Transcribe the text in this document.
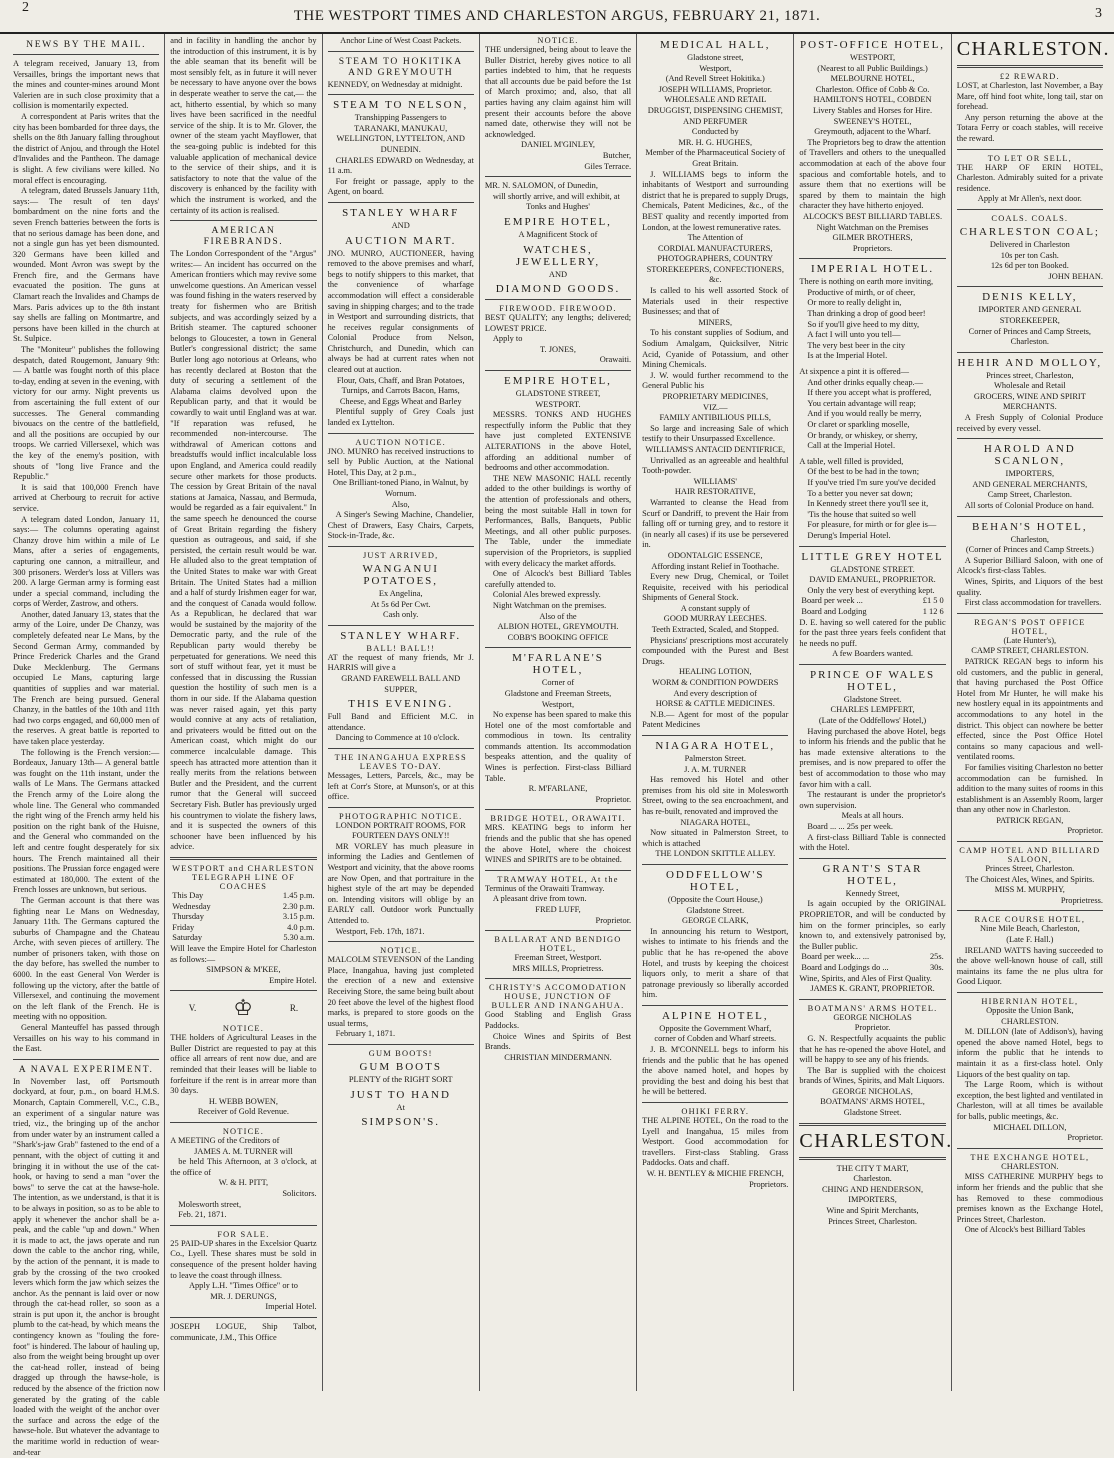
2
THE WESTPORT TIMES AND CHARLESTON ARGUS, FEBRUARY 21, 1871.	3
NEWS BY THE MAIL.

A telegram received, January 13, from Versailles, brings the important news that the mines and counter-mines around Mont Valerien are in such close proximity that a collision is momentarily expected.

A correspondent at Paris writes that the city has been bombarded for three days, the shells on the 8th January falling throughout the district of Anjou, and through the Hotel d'Invalides and the Pantheon. The damage is slight. A few civilians were killed. No moral effect is encouraging.

A telegram, dated Brussels January 11th, says:— The result of ten days' bombardment on the nine forts and the seven French batteries between the forts is that no serious damage has been done, and not a single gun has yet been dismounted. 320 Germans have been killed and wounded. Mont Avron was swept by the French fire, and the Germans have evacuated the position. The guns at Clamart reach the Invalides and Champs de Mars. Paris advices up to the 8th instant say shells are falling on Montmartre, and persons have been killed in the church at St. Sulpice.

The "Moniteur" publishes the following despatch, dated Rougemont, January 9th:— A battle was fought north of this place to-day, ending at seven in the evening, with victory for our army. Night prevents us from ascertaining the full extent of our successes. The General commanding bivouacs on the centre of the battlefield, and all the positions are occupied by our troops. We carried Villersexel, which was the key of the enemy's position, with shouts of "long live France and the Republic."

It is said that 100,000 French have arrived at Cherbourg to recruit for active service.

A telegram dated London, January 11, says:— The columns operating against Chanzy drove him within a mile of Le Mans, after a series of engagements, capturing one cannon, a mitrailleur, and 300 prisoners. Werder's loss at Villers was 200. A large German army is forming east under a special command, including the corps of Werder, Zastrow, and others.

Another, dated January 13, states that the army of the Loire, under De Chanzy, was completely defeated near Le Mans, by the Second German Army, commanded by Prince Frederick Charles and the Grand Duke Mecklenburg. The Germans occupied Le Mans, capturing large quantities of supplies and war material. The French are being pursued. General Chanzy, in the battles of the 10th and 11th had two corps engaged, and 60,000 men of the reserves. A great battle is reported to have taken place yesterday.

The following is the French version:— Bordeaux, January 13th— A general battle was fought on the 11th instant, under the walls of Le Mans. The Germans attacked the French army of the Loire along the whole line. The General who commanded the right wing of the French army held his position on the right bank of the Huisne, and the General who commanded on the left and centre fought desperately for six hours. The French maintained all their positions. The Prussian force engaged were estimated at 180,000. The extent of the French losses are unknown, but serious.

The German account is that there was fighting near Le Mans on Wednesday, January 11th. The Germans captured the suburbs of Champagne and the Chateau Arche, with seven pieces of artillery. The number of prisoners taken, with those on the day before, has swelled the number to 6000. In the east General Von Werder is following up the victory, after the battle of Villersexel, and continuing the movement on the left flank of the French. He is meeting with no opposition.

General Manteuffel has passed through Versailles on his way to his command in the East.

A NAVAL EXPERIMENT.

In November last, off Portsmouth dockyard, at four, p.m., on board H.M.S. Monarch, Captain Commerell, V.C., C.B., an experiment of a singular nature was tried, viz., the bringing up of the anchor from under water by an instrument called a "Shark's-jaw Grab" fastened to the end of a pennant, with the object of cutting it and bringing it in without the use of the cat-hook, or having to send a man "over the bows" to serve the cat at the hawse-hole. The intention, as we understand, is that it is to be always in position, so as to be able to apply it whenever the anchor shall be a-peak, and the cable "up and down." When it is made to act, the jaws operate and run down the cable to the anchor ring, while, by the action of the pennant, it is made to grab by the crossing of the two crooked levers which form the jaw which seizes the anchor. As the pennant is laid over or now through the cat-head roller, so soon as a strain is put upon it, the anchor is brought plumb to the cat-head, by which means the contingency known as "fouling the fore-foot" is hindered. The labour of hauling up, also from the weight being brought up over the cat-head roller, instead of being dragged up through the hawse-hole, is reduced by the absence of the friction now generated by the grating of the cable loaded with the weight of the anchor over the surface and across the edge of the hawse-hole. But whatever the advantage to the maritime world in reduction of wear-and-tear

and in facility in handling the anchor by the introduction of this instrument, it is by the able seaman that its benefit will be most sensibly felt, as in future it will never be necessary to have anyone over the bows in desperate weather to serve the cat,— the act, hitherto essential, by which so many lives have been sacrificed in the needful service of the ship. It is to Mr. Glover, the owner of the steam yacht Mayflower, that the sea-going public is indebted for this valuable application of mechanical device to the service of their ships, and it is satisfactory to note that the value of the discovery is enhanced by the facility with which the instrument is worked, and the certainty of its action is realised.

AMERICAN FIREBRANDS.

The London Correspondent of the "Argus" writes:— An incident has occurred on the American frontiers which may revive some unwelcome questions. An American vessel was found fishing in the waters reserved by treaty for fishermen who are British subjects, and was accordingly seized by a British steamer. The captured schooner belongs to Gloucester, a town in General Butler's congressional district; the same Butler long ago notorious at Orleans, who has recently declared at Boston that the duty of securing a settlement of the Alabama claims devolved upon the Republican party, and that it would be cowardly to wait until England was at war. "If reparation was refused, he recommended non-intercourse. The withdrawal of American cottons and breadstuffs would inflict incalculable loss upon England, and America could readily secure other markets for those products. The cession by Great Britain of the naval stations at Jamaica, Nassau, and Bermuda, would be regarded as a fair equivalent." In the same speech he denounced the course of Great Britain regarding the fishery question as outrageous, and said, if she persisted, the certain result would be war. He alluded also to the great temptation of the United States to make war with Great Britain. The United States had a million and a half of sturdy Irishmen eager for war, and the conquest of Canada would follow. As a Republican, he declared that war would be sustained by the majority of the Democratic party, and the rule of the Republican party would thereby be perpetuated for generations. We need this sort of stuff without fear, yet it must be confessed that in discussing the Russian question the hostility of such men is a thorn in our side. If the Alabama question was never raised again, yet this party would connive at any acts of retaliation, and privateers would be fitted out on the American coast, which might do our commerce incalculable damage. This speech has attracted more attention than it really merits from the relations between Butler and the President, and the current rumor that the General will succeed Secretary Fish. Butler has previously urged his countrymen to violate the fishery laws, and it is suspected the owners of this schooner have been influenced by his advice.

WESTPORT and CHARLESTON
TELEGRAPH LINE OF
COACHES
This Day	1.45 p.m.
Wednesday	2.30 p.m.
Thursday	3.15 p.m.
Friday	4.0 p.m.
Saturday	5.30 a.m.

Will leave the Empire Hotel for Charleston as follows:—

SIMPSON & M'KEE,

Empire Hotel.

V. ♔	R.
NOTICE.

THE holders of Agricultural Leases in the Buller District are requested to pay at this office all arrears of rent now due, and are reminded that their leases will be liable to forfeiture if the rent is in arrear more than 30 days.

H. WEBB BOWEN,

Receiver of Gold Revenue.

NOTICE.

A MEETING of the Creditors of

JAMES A. M. TURNER will

be held This Afternoon, at 3 o'clock, at the office of

W. & H. PITT,

Solicitors.

Molesworth street,

Feb. 21, 1871.

FOR SALE.

25 PAID-UP shares in the Excelsior Quartz Co., Lyell. These shares must be sold in consequence of the present holder having to leave the coast through illness.

Apply L.H. "Times Office" or to

MR. J. DERUNGS,

Imperial Hotel.

JOSEPH LOGUE, Ship Talbot, communicate, J.M., This Office

Anchor Line of West Coast Packets.

STEAM TO HOKITIKA AND GREYMOUTH

KENNEDY, on Wednesday at midnight.

STEAM TO NELSON,

Transhipping Passengers to

TARANAKI, MANUKAU, WELLINGTON, LYTTELTON, AND DUNEDIN.

CHARLES EDWARD on Wednesday, at 11 a.m.

For freight or passage, apply to the Agent, on board.

STANLEY WHARF

AND

AUCTION MART.

JNO. MUNRO, AUCTIONEER, having removed to the above premises and wharf, begs to notify shippers to this market, that the convenience of wharfage accommodation will effect a considerable saving in shipping charges; and to the trade in Westport and surrounding districts, that he receives regular consignments of Colonial Produce from Nelson, Christchurch, and Dunedin, which can always be had at current rates when not cleared out at auction.

Flour, Oats, Chaff, and Bran Potatoes, Turnips, and Carrots Bacon, Hams, Cheese, and Eggs Wheat and Barley

Plentiful supply of Grey Coals just landed ex Lyttelton.

AUCTION NOTICE.

JNO. MUNRO has received instructions to sell by Public Auction, at the National Hotel, This Day, at 2 p.m.,

One Brilliant-toned Piano, in Walnut, by Wornum.

Also,

A Singer's Sewing Machine, Chandelier, Chest of Drawers, Easy Chairs, Carpets, Stock-in-Trade, &c.

JUST ARRIVED,
WANGANUI POTATOES,

Ex Angelina,

At 5s 6d Per Cwt.

Cash only.

STANLEY WHARF.
BALL! BALL!!

AT the request of many friends, Mr J. HARRIS will give a

GRAND FAREWELL BALL AND SUPPER,

THIS EVENING.

Full Band and Efficient M.C. in attendance.

Dancing to Commence at 10 o'clock.

THE INANGAHUA EXPRESS
LEAVES TO-DAY.

Messages, Letters, Parcels, &c., may be left at Corr's Store, at Munson's, or at this office.

PHOTOGRAPHIC NOTICE.

LONDON PORTRAIT ROOMS, FOR FOURTEEN DAYS ONLY!!

MR VORLEY has much pleasure in informing the Ladies and Gentlemen of Westport and vicinity, that the above rooms are Now Open, and that portraiture in the highest style of the art may be depended on. Intending visitors will oblige by an EARLY call. Outdoor work Punctually Attended to.

Westport, Feb. 17th, 1871.

NOTICE.

MALCOLM STEVENSON of the Landing Place, Inangahua, having just completed the erection of a new and extensive Receiving Store, the same being built about 20 feet above the level of the highest flood marks, is prepared to store goods on the usual terms,

February 1, 1871.

GUM BOOTS!
GUM BOOTS

PLENTY of the RIGHT SORT

JUST TO HAND

At

SIMPSON'S.
NOTICE.

THE undersigned, being about to leave the Buller District, hereby gives notice to all parties indebted to him, that he requests that all accounts due be paid before the 1st of March proximo; and, also, that all parties having any claim against him will present their accounts before the above named date, otherwise they will not be acknowledged.

DANIEL M'GINLEY,

Butcher,

Giles Terrace.

MR. N. SALOMON, of Dunedin,

will shortly arrive, and will exhibit, at

Tonks and Hughes'

EMPIRE HOTEL,

A Magnificent Stock of

WATCHES, JEWELLERY,

AND

DIAMOND GOODS.
FIREWOOD. FIREWOOD.

BEST QUALITY; any lengths; delivered; LOWEST PRICE.

Apply to

T. JONES,

Orawaiti.

EMPIRE HOTEL,

GLADSTONE STREET,

WESTPORT.

MESSRS. TONKS AND HUGHES respectfully inform the Public that they have just completed EXTENSIVE ALTERATIONS in the above Hotel, affording an additional number of bedrooms and other accommodation.

THE NEW MASONIC HALL recently added to the other buildings is worthy of the attention of professionals and others, being the most suitable Hall in town for Performances, Balls, Banquets, Public Meetings, and all other public purposes. The Table, under the immediate supervision of the Proprietors, is supplied with every delicacy the market affords.

One of Alcock's best Billiard Tables carefully attended to.

Colonial Ales brewed expressly.

Night Watchman on the premises.

Also of the

ALBION HOTEL, GREYMOUTH.

COBB'S BOOKING OFFICE

M'FARLANE'S HOTEL,

Corner of

Gladstone and Freeman Streets,

Westport,

No expense has been spared to make this Hotel one of the most comfortable and commodious in town. Its centrality commands attention. Its accommodation bespeaks attention, and the quality of Wines is perfection. First-class Billiard Table.

R. M'FARLANE,

Proprietor.

BRIDGE HOTEL, ORAWAITI.

MRS. KEATING begs to inform her friends and the public that she has opened the above Hotel, where the choicest WINES and SPIRITS are to be obtained.

TRAMWAY HOTEL, At the

Terminus of the Orawaiti Tramway.

A pleasant drive from town.

FRED LUFF,

Proprietor.

BALLARAT AND BENDIGO HOTEL,

Freeman Street, Westport.

MRS MILLS, Proprietress.

CHRISTY'S ACCOMODATION HOUSE, JUNCTION OF BULLER AND INANGAHUA.

Good Stabling and English Grass Paddocks.

Choice Wines and Spirits of Best Brands.

CHRISTIAN MINDERMANN.

MEDICAL HALL,

Gladstone street,

Westport,

(And Revell Street Hokitika.)

JOSEPH WILLIAMS, Proprietor.

WHOLESALE AND RETAIL

DRUGGIST, DISPENSING CHEMIST, AND PERFUMER

Conducted by

MR. H. G. HUGHES,

Member of the Pharmaceutical Society of Great Britain.

J. WILLIAMS begs to inform the inhabitants of Westport and surrounding district that he is prepared to supply Drugs, Chemicals, Patent Medicines, &c., of the BEST quality and recently imported from London, at the lowest remunerative rates.

The Attention of

CORDIAL MANUFACTURERS, PHOTOGRAPHERS, COUNTRY STOREKEEPERS, CONFECTIONERS, &c.

Is called to his well assorted Stock of Materials used in their respective Businesses; and that of

MINERS,

To his constant supplies of Sodium, and Sodium Amalgam, Quicksilver, Nitric Acid, Cyanide of Potassium, and other Mining Chemicals.

J. W. would further recommend to the General Public his

PROPRIETARY MEDICINES,

VIZ.—

FAMILY ANTIBILIOUS PILLS,

So large and increasing Sale of which testify to their Unsurpassed Excellence.

WILLIAMS'S ANTACID DENTIFRICE,

Unrivalled as an agreeable and healthful Tooth-powder.

WILLIAMS'

HAIR RESTORATIVE,

Warranted to cleanse the Head from Scurf or Dandriff, to prevent the Hair from falling off or turning grey, and to restore it (in nearly all cases) if its use be persevered in.

ODONTALGIC ESSENCE,

Affording instant Relief in Toothache.

Every new Drug, Chemical, or Toilet Requisite, received with his periodical Shipments of General Stock.

A constant supply of

GOOD MURRAY LEECHES.

Teeth Extracted, Scaled, and Stopped.

Physicians' prescriptions most accurately compounded with the Purest and Best Drugs.

HEALING LOTION,

WORM & CONDITION POWDERS

And every description of

HORSE & CATTLE MEDICINES.

N.B.— Agent for most of the popular Patent Medicines

NIAGARA HOTEL,

Palmerston Street.

J. A. M. TURNER

Has removed his Hotel and other premises from his old site in Molesworth Street, owing to the sea encroachment, and has re-built, renovated and improved the

NIAGARA HOTEL,

Now situated in Palmerston Street, to which is attached

THE LONDON SKITTLE ALLEY.

ODDFELLOW'S HOTEL,

(Opposite the Court House,)

Gladstone Street.

GEORGE CLARK,

In announcing his return to Westport, wishes to intimate to his friends and the public that he has re-opened the above Hotel, and trusts by keeping the choicest liquors only, to merit a share of that patronage previously so liberally accorded him.

ALPINE HOTEL,

Opposite the Government Wharf,

corner of Cobden and Wharf streets.

J. B. M'CONNELL begs to inform his friends and the public that he has opened the above named hotel, and hopes by providing the best and doing his best that he will be bettered.

OHIKI FERRY.

THE ALPINE HOTEL, On the road to the Lyell and Inangahua, 15 miles from Westport. Good accommodation for travellers. First-class Stabling. Grass Paddocks. Oats and chaff.

W. H. BENTLEY & MICHIE FRENCH,

Proprietors.

POST-OFFICE HOTEL,

WESTPORT,

(Nearest to all Public Buildings.)

MELBOURNE HOTEL,

Charleston. Office of Cobb & Co.

HAMILTON'S HOTEL, COBDEN

Livery Stables and Horses for Hire.

SWEENEY'S HOTEL,

Greymouth, adjacent to the Wharf.

The Proprietors beg to draw the attention of Travellers and others to the unequalled accommodation at each of the above four spacious and comfortable hotels, and to assure them that no exertions will be spared by them to maintain the high character they have hitherto enjoyed.

ALCOCK'S BEST BILLIARD TABLES.

Night Watchman on the Premises

GILMER BROTHERS,

Proprietors.

IMPERIAL HOTEL.

There is nothing on earth more inviting,

Productive of mirth, or of cheer,

Or more to really delight in,

Than drinking a drop of good beer!

So if you'll give heed to my ditty,

A fact I will unto you tell—

The very best beer in the city

Is at the Imperial Hotel.

At sixpence a pint it is offered—

And other drinks equally cheap.—

If there you accept what is proffered,

You certain advantage will reap;

And if you would really be merry,

Or claret or sparkling moselle,

Or brandy, or whiskey, or sherry,

Call at the Imperial Hotel.

A table, well filled is provided,

Of the best to be had in the town;

If you've tried I'm sure you've decided

To a better you never sat down;

In Kennedy street there you'll see it,

'Tis the house that suited so well

For pleasure, for mirth or for glee is—

Derung's Imperial Hotel.

LITTLE GREY HOTEL

GLADSTONE STREET.

DAVID EMANUEL, PROPRIETOR.

Only the very best of everything kept.

Board per week ...	£1 5 0
Board and Lodging	1 12 6

D. E. having so well catered for the public for the past three years feels confident that he needs no puff.

A few Boarders wanted.

PRINCE OF WALES HOTEL,

Gladstone Street.

CHARLES LEMPFERT,

(Late of the Oddfellows' Hotel,)

Having purchased the above Hotel, begs to inform his friends and the public that he has made extensive alterations to the premises, and is now prepared to offer the best of accommodation to those who may favor him with a call.

The restaurant is under the proprietor's own supervision.

Meals at all hours.

Board ... ... 25s per week.

A first-class Billiard Table is connected with the Hotel.

GRANT'S STAR HOTEL,

Kennedy Street,

Is again occupied by the ORIGINAL PROPRIETOR, and will be conducted by him on the former principles, so early known to, and extensively patronised by, the Buller public.

Board per week... ...	25s.
Board and Lodgings do ...	30s.

Wine, Spirits, and Ales of First Quality.

JAMES K. GRANT, PROPRIETOR.

BOATMANS' ARMS HOTEL.

GEORGE NICHOLAS

Proprietor.

G. N. Respectfully acquaints the public that he has re-opened the above Hotel, and will be happy to see any of his friends.

The Bar is supplied with the choicest brands of Wines, Spirits, and Malt Liquors.

GEORGE NICHOLAS,

BOATMANS' ARMS HOTEL,

Gladstone Street.

CHARLESTON.

THE CITY T MART,

Charleston.

CHING AND HENDERSON, IMPORTERS,

Wine and Spirit Merchants,

Princes Street, Charleston.

CHARLESTON.
£2 REWARD.

LOST, at Charleston, last November, a Bay Mare, off hind foot white, long tail, star on forehead.

Any person returning the above at the Totara Ferry or coach stables, will receive the reward.

TO LET OR SELL,

THE HARP OF ERIN HOTEL, Charleston. Admirably suited for a private residence.

Apply at Mr Allen's, next door.

COALS. COALS.
CHARLESTON COAL;

Delivered in Charleston

10s per ton Cash.

12s 6d per ton Booked.

JOHN BEHAN.

DENIS KELLY,

IMPORTER AND GENERAL STOREKEEPER,

Corner of Princes and Camp Streets,

Charleston.

HEHIR AND MOLLOY,

Princes street, Charleston,

Wholesale and Retail

GROCERS, WINE AND SPIRIT MERCHANTS.

A Fresh Supply of Colonial Produce received by every vessel.

HAROLD AND SCANLON,

IMPORTERS,

AND GENERAL MERCHANTS,

Camp Street, Charleston.

All sorts of Colonial Produce on hand.

BEHAN'S HOTEL,

Charleston,

(Corner of Princes and Camp Streets.)

A Superior Billiard Saloon, with one of Alcock's first-class Tables.

Wines, Spirits, and Liquors of the best quality.

First class accommodation for travellers.

REGAN'S POST OFFICE HOTEL,

(Late Hunter's),

CAMP STREET, CHARLESTON.

PATRICK REGAN begs to inform his old customers, and the public in general, that having purchased the Post Office Hotel from Mr Hunter, he will make his new hostlery equal in its appointments and accommodations to any hotel in the district. This object can nowhere be better effected, since the Post Office Hotel contains so many capacious and well-ventilated rooms.

For families visiting Charleston no better accommodation can be furnished. In addition to the many suites of rooms in this establishment is an Assembly Room, larger than any other now in Charleston.

PATRICK REGAN,

Proprietor.

CAMP HOTEL AND BILLIARD SALOON,

Princes Street, Charleston.

The Choicest Ales, Wines, and Spirits.

MISS M. MURPHY,

Proprietress.

RACE COURSE HOTEL,

Nine Mile Beach, Charleston,

(Late F. Hall.)

IRELAND WATTS having succeeded to the above well-known house of call, still maintains its fame the ne plus ultra for Good Liquor.

HIBERNIAN HOTEL,

Opposite the Union Bank,

CHARLESTON.

M. DILLON (late of Addison's), having opened the above named Hotel, begs to inform the public that he intends to maintain it as a first-class hotel. Only Liquors of the best quality on tap.

The Large Room, which is without exception, the best lighted and ventilated in Charleston, will at all times be available for balls, public meetings, &c.

MICHAEL DILLON,

Proprietor.

THE EXCHANGE HOTEL,

CHARLESTON.

MISS CATHERINE MURPHY begs to inform her friends and the public that she has Removed to these commodious premises known as the Exchange Hotel, Princes Street, Charleston.

One of Alcock's best Billiard Tables
